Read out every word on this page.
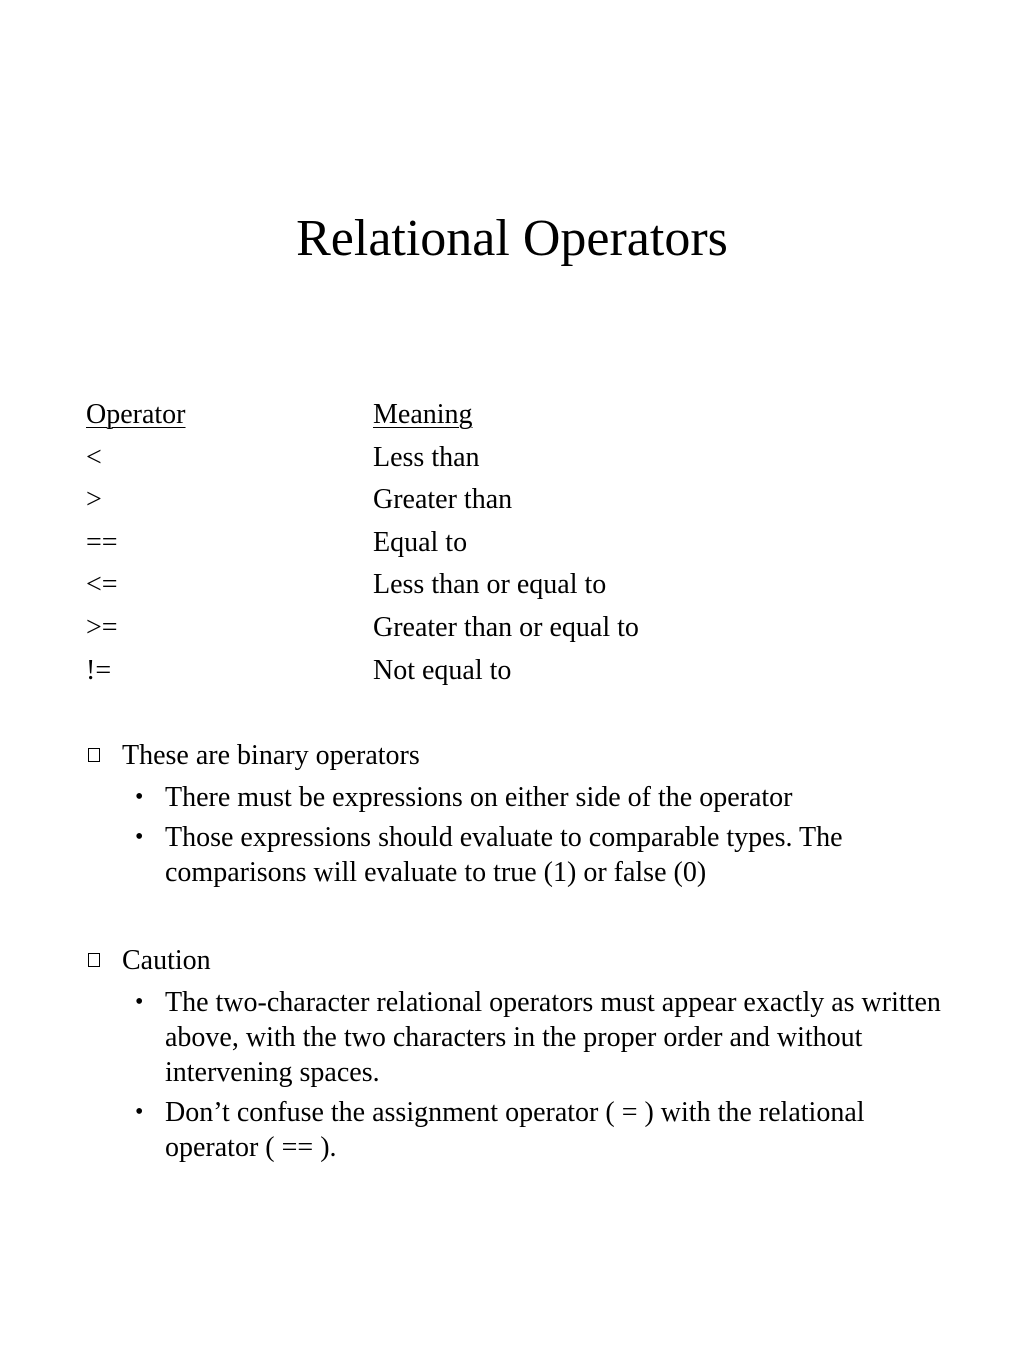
Relational Operators
Operator	Meaning
<	Less than
>	Greater than
==	Equal to
<=	Less than or equal to
>=	Greater than or equal to
!=	Not equal to
These are binary operators
• There must be expressions on either side of the operator
• Those expressions should evaluate to comparable types. The comparisons will evaluate to true (1) or false (0)
Caution
• The two-character relational operators must appear exactly as written above, with the two characters in the proper order and without intervening spaces.
• Don’t confuse the assignment operator ( = ) with the relational operator ( == ).
